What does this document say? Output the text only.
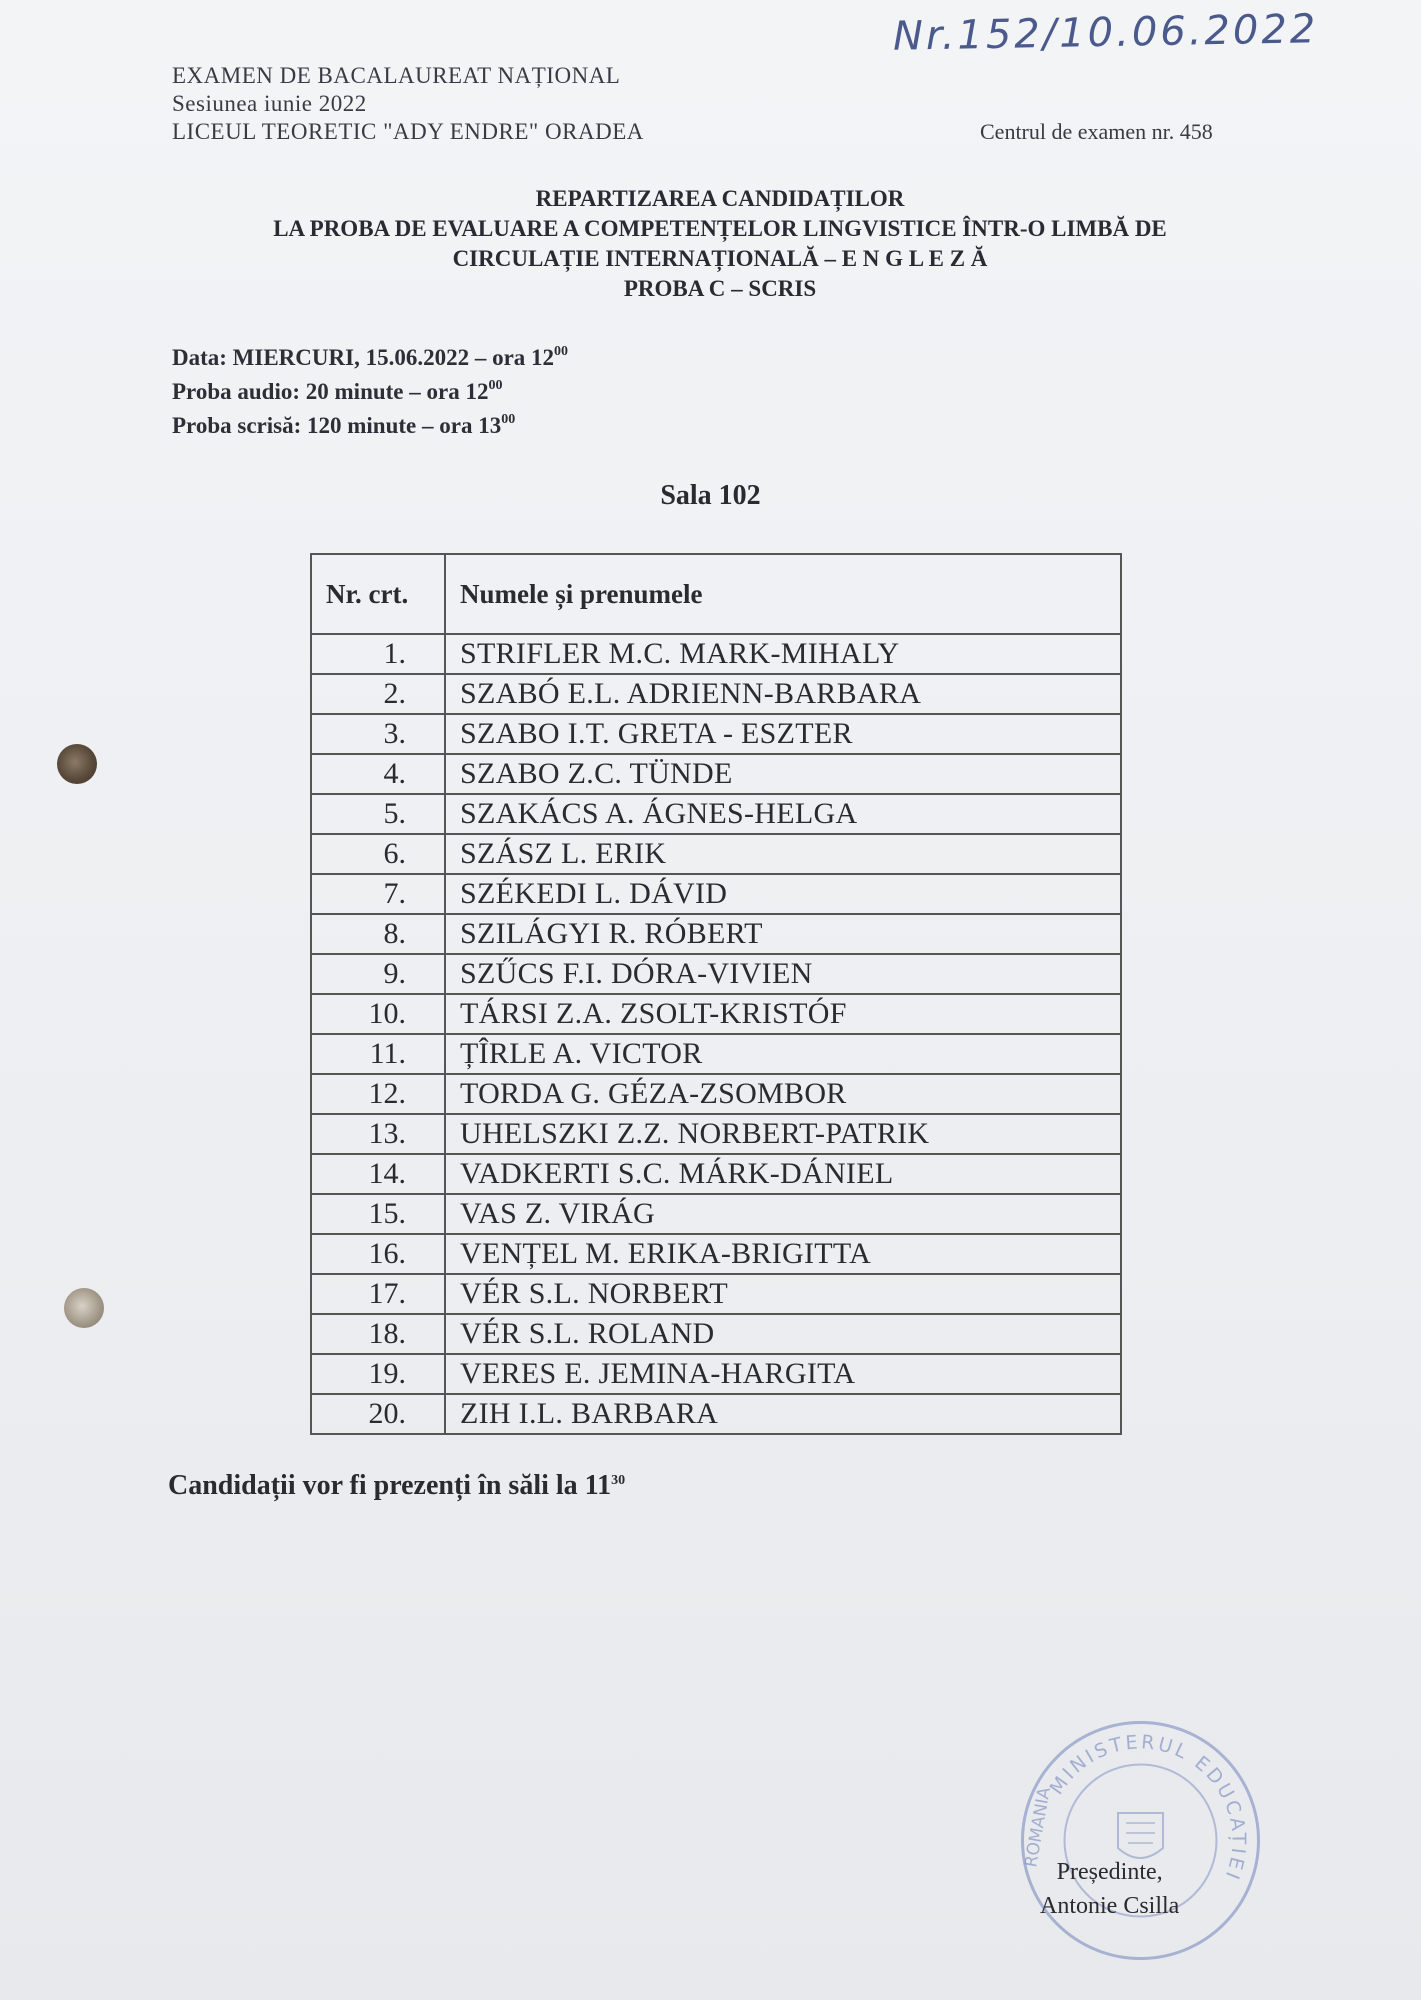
Nr.152/10.06.2022
EXAMEN DE BACALAUREAT NAȚIONAL
Sesiunea iunie 2022
LICEUL TEORETIC "ADY ENDRE" ORADEA	Centrul de examen nr. 458
REPARTIZAREA CANDIDAȚILOR
LA PROBA DE EVALUARE A COMPETENȚELOR LINGVISTICE ÎNTR-O LIMBĂ DE
CIRCULAȚIE INTERNAȚIONALĂ – E N G L E Z Ă
PROBA C – SCRIS
Data: MIERCURI, 15.06.2022 – ora $12^{00}$
Proba audio: 20 minute – ora $12^{00}$
Proba scrisă: 120 minute – ora $13^{00}$
Sala 102
Nr. crt.	Numele și prenumele
1.	STRIFLER M.C. MARK-MIHALY
2.	SZABÓ E.L. ADRIENN-BARBARA
3.	SZABO I.T. GRETA - ESZTER
4.	SZABO Z.C. TÜNDE
5.	SZAKÁCS A. ÁGNES-HELGA
6.	SZÁSZ L. ERIK
7.	SZÉKEDI L. DÁVID
8.	SZILÁGYI R. RÓBERT
9.	SZŰCS F.I. DÓRA-VIVIEN
10.	TÁRSI Z.A. ZSOLT-KRISTÓF
11.	ȚÎRLE A. VICTOR
12.	TORDA G. GÉZA-ZSOMBOR
13.	UHELSZKI Z.Z. NORBERT-PATRIK
14.	VADKERTI S.C. MÁRK-DÁNIEL
15.	VAS Z. VIRÁG
16.	VENȚEL M. ERIKA-BRIGITTA
17.	VÉR S.L. NORBERT
18.	VÉR S.L. ROLAND
19.	VERES E. JEMINA-HARGITA
20.	ZIH I.L. BARBARA
Candidații vor fi prezenți în săli la $11^{30}$
MINISTERUL EDUCAȚIEI
ROMANIA
Președinte,
Antonie Csilla
